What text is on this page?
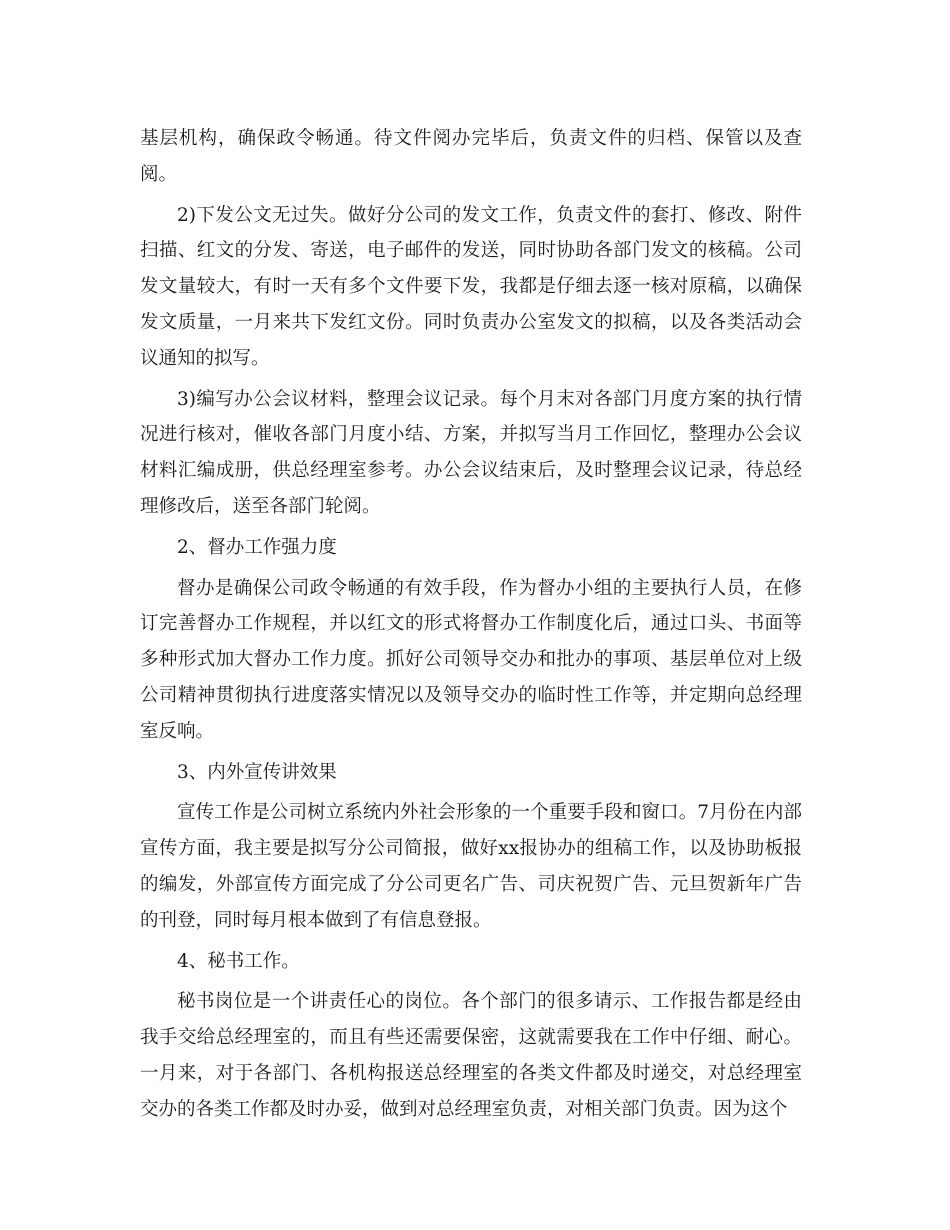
基层机构，确保政令畅通。待文件阅办完毕后，负责文件的归档、保管以及查阅。

2)下发公文无过失。做好分公司的发文工作，负责文件的套打、修改、附件扫描、红文的分发、寄送，电子邮件的发送，同时协助各部门发文的核稿。公司发文量较大，有时一天有多个文件要下发，我都是仔细去逐一核对原稿，以确保发文质量，一月来共下发红文份。同时负责办公室发文的拟稿，以及各类活动会议通知的拟写。

3)编写办公会议材料，整理会议记录。每个月末对各部门月度方案的执行情况进行核对，催收各部门月度小结、方案，并拟写当月工作回忆，整理办公会议材料汇编成册，供总经理室参考。办公会议结束后，及时整理会议记录，待总经理修改后，送至各部门轮阅。

2、督办工作强力度

督办是确保公司政令畅通的有效手段，作为督办小组的主要执行人员，在修订完善督办工作规程，并以红文的形式将督办工作制度化后，通过口头、书面等多种形式加大督办工作力度。抓好公司领导交办和批办的事项、基层单位对上级公司精神贯彻执行进度落实情况以及领导交办的临时性工作等，并定期向总经理室反响。

3、内外宣传讲效果

宣传工作是公司树立系统内外社会形象的一个重要手段和窗口。7月份在内部宣传方面，我主要是拟写分公司简报，做好xx报协办的组稿工作，以及协助板报的编发，外部宣传方面完成了分公司更名广告、司庆祝贺广告、元旦贺新年广告的刊登，同时每月根本做到了有信息登报。

4、秘书工作。

秘书岗位是一个讲责任心的岗位。各个部门的很多请示、工作报告都是经由我手交给总经理室的，而且有些还需要保密，这就需要我在工作中仔细、耐心。一月来，对于各部门、各机构报送总经理室的各类文件都及时递交，对总经理室交办的各类工作都及时办妥，做到对总经理室负责，对相关部门负责。因为这个
